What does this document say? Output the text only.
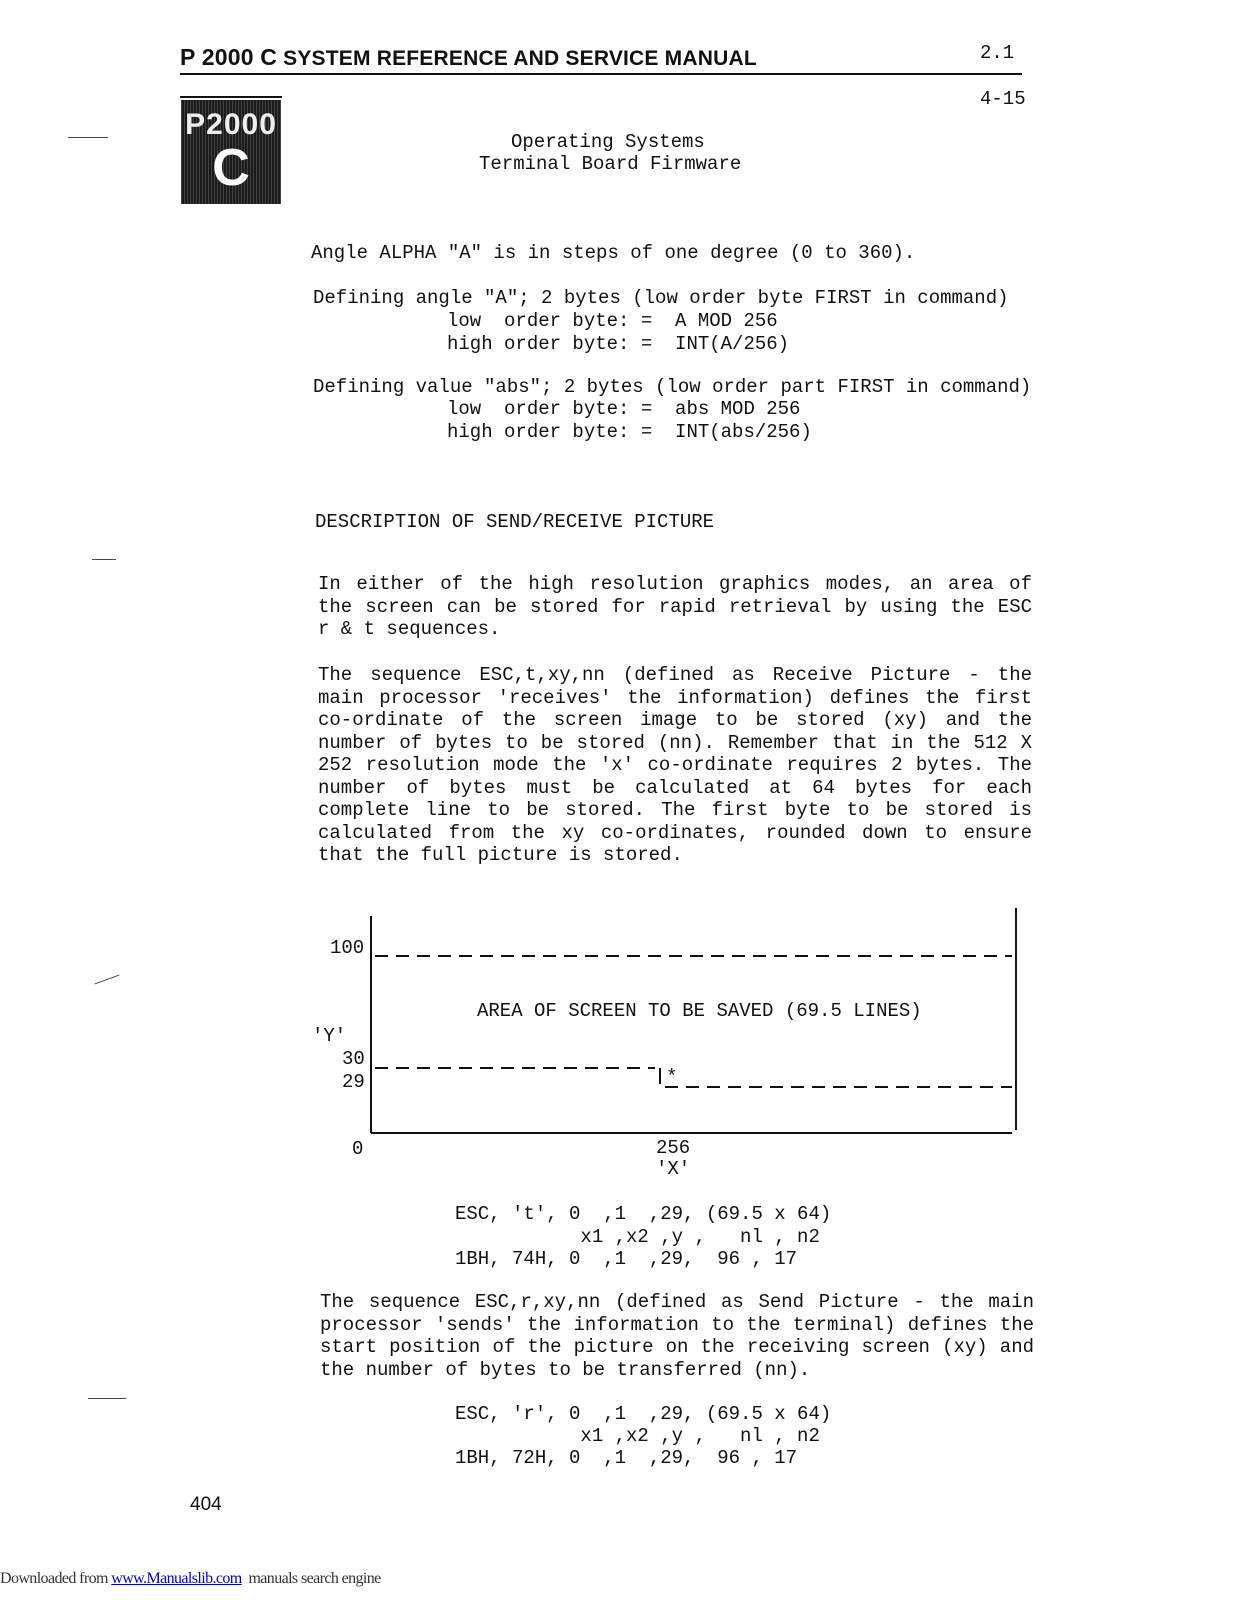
P 2000 C SYSTEM REFERENCE AND SERVICE MANUAL	2.1
4-15
P2000
C	Operating Systems
Terminal Board Firmware
Angle ALPHA "A" is in steps of one degree (0 to 360).
Defining angle "A"; 2 bytes (low order byte FIRST in command)
low  order byte: =  A MOD 256
high order byte: =  INT(A/256)
Defining value "abs"; 2 bytes (low order part FIRST in command)
low  order byte: =  abs MOD 256
high order byte: =  INT(abs/256)
DESCRIPTION OF SEND/RECEIVE PICTURE
In either of the high resolution graphics modes, an area of the screen can be stored for rapid retrieval by using the ESC r & t sequences.
The sequence ESC,t,xy,nn (defined as Receive Picture - the main processor 'receives' the information) defines the first co-ordinate of the screen image to be stored (xy) and the number of bytes to be stored (nn). Remember that in the 512 X 252 resolution mode the 'x' co-ordinate requires 2 bytes. The number of bytes must be calculated at 64 bytes for each complete line to be stored. The first byte to be stored is calculated from the xy co-ordinates, rounded down to ensure that the full picture is stored.
100
'Y'
30
29
0	256
'X'
AREA OF SCREEN TO BE SAVED (69.5 LINES)
*
ESC, 't', 0  ,1  ,29, (69.5 x 64)
x1 ,x2 ,y ,   nl , n2
1BH, 74H, 0  ,1  ,29,  96 , 17
The sequence ESC,r,xy,nn (defined as Send Picture - the main processor 'sends' the information to the terminal) defines the start position of the picture on the receiving screen (xy) and the number of bytes to be transferred (nn).
ESC, 'r', 0  ,1  ,29, (69.5 x 64)
x1 ,x2 ,y ,   nl , n2
1BH, 72H, 0  ,1  ,29,  96 , 17
404
Downloaded from www.Manualslib.com  manuals search engine
